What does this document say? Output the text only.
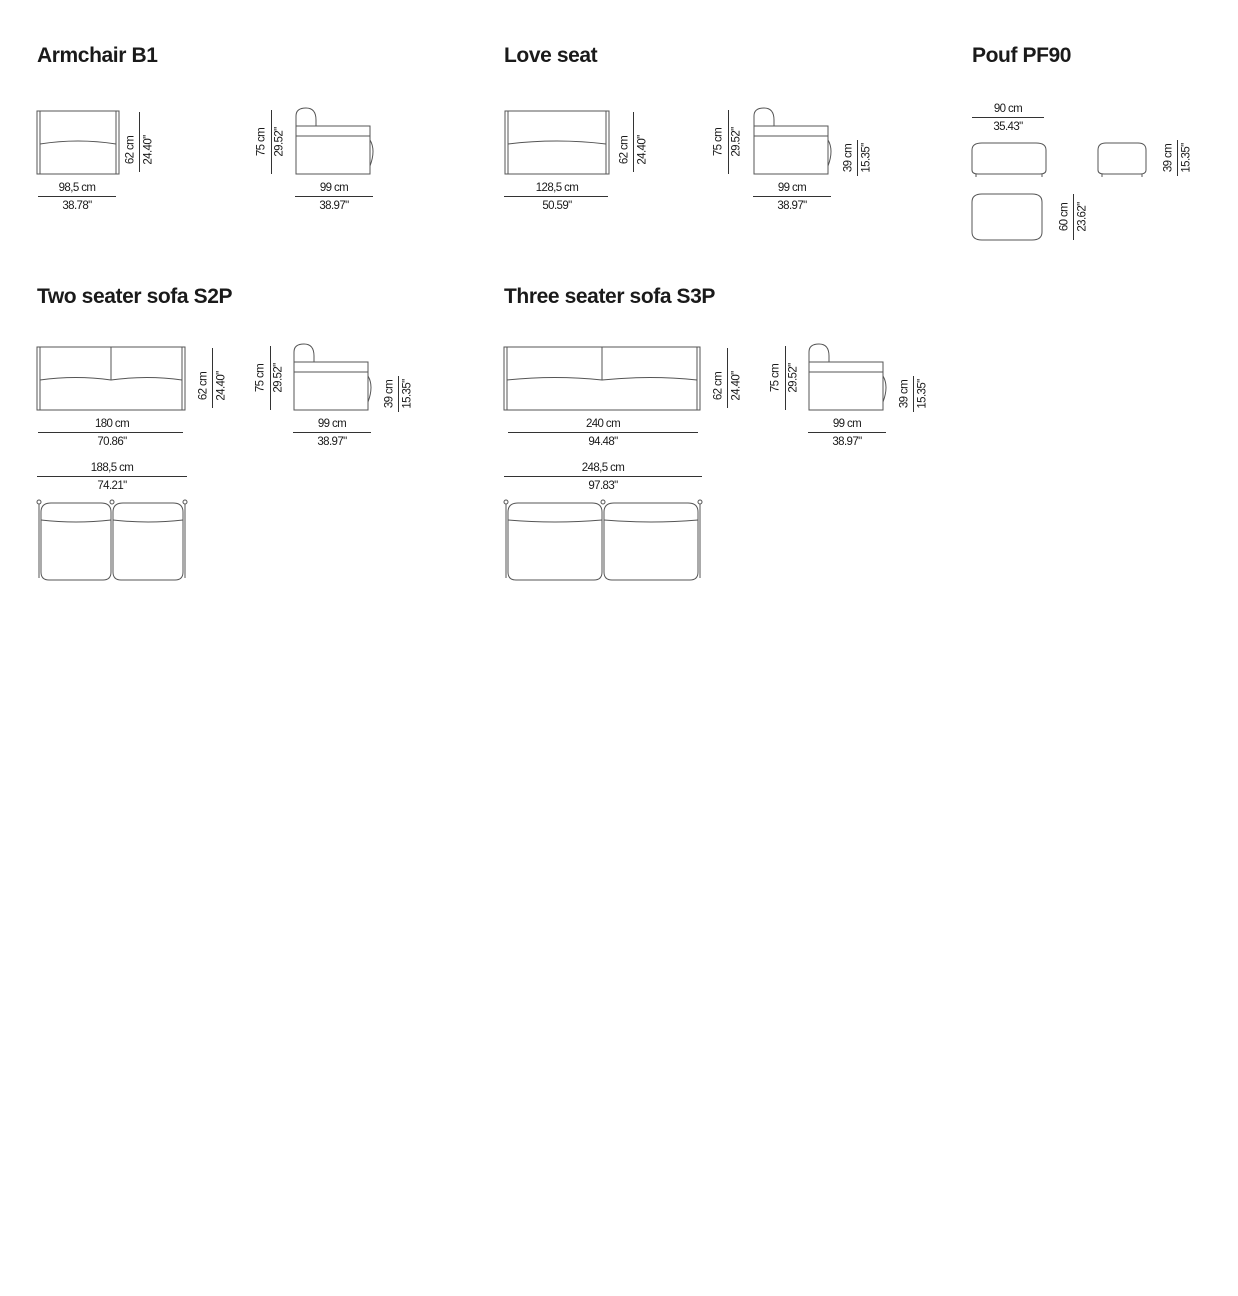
Armchair B1
98,5 cm
38.78"
62 cm 24.40"	75 cm 29.52"
99 cm
38.97"
Love seat
128,5 cm
50.59"
62 cm 24.40"	75 cm 29.52"
99 cm
38.97"
39 cm 15.35"
Pouf PF90
90 cm
35.43"
39 cm 15.35"
60 cm 23.62"
Two seater sofa S2P
180 cm
70.86"
62 cm 24.40" 75 cm 29.52"
99 cm
38.97"
39 cm 15.35"
188,5 cm
74.21"
Three seater sofa S3P
240 cm
94.48"
62 cm 24.40" 75 cm 29.52"
99 cm
38.97"
39 cm 15.35"
248,5 cm
97.83"
